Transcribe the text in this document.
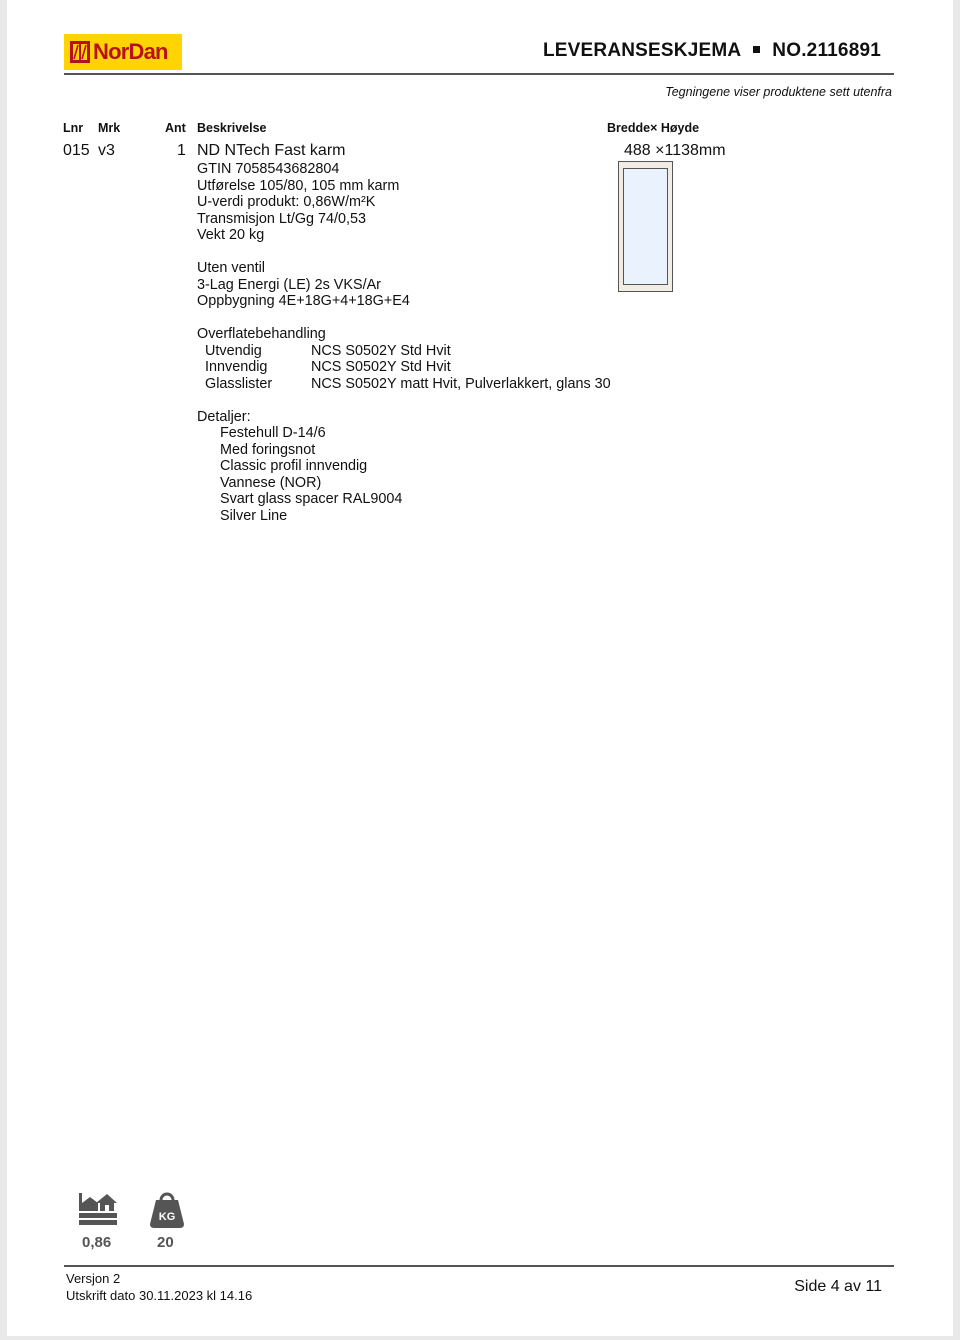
NorDan	LEVERANSESKJEMA NO.2116891
Tegningene viser produktene sett utenfra
Lnr Mrk	Ant Beskrivelse	Bredde× Høyde
015 v3	1 ND NTech Fast karm	488 ×1138mm
GTIN 7058543682804
Utførelse 105/80, 105 mm karm
U-verdi produkt: 0,86W/m²K
Transmisjon Lt/Gg 74/0,53
Vekt 20 kg
Uten ventil
3-Lag Energi (LE) 2s VKS/Ar
Oppbygning 4E+18G+4+18G+E4
Overflatebehandling
Utvendig	NCS S0502Y Std Hvit
Innvendig	NCS S0502Y Std Hvit
Glasslister	NCS S0502Y matt Hvit, Pulverlakkert, glans 30
Detaljer:
Festehull D-14/6
Med foringsnot
Classic profil innvendig
Vannese (NOR)
Svart glass spacer RAL9004
Silver Line
0,86
KG
20
Versjon 2
Utskrift dato 30.11.2023 kl 14.16	Side 4 av 11
